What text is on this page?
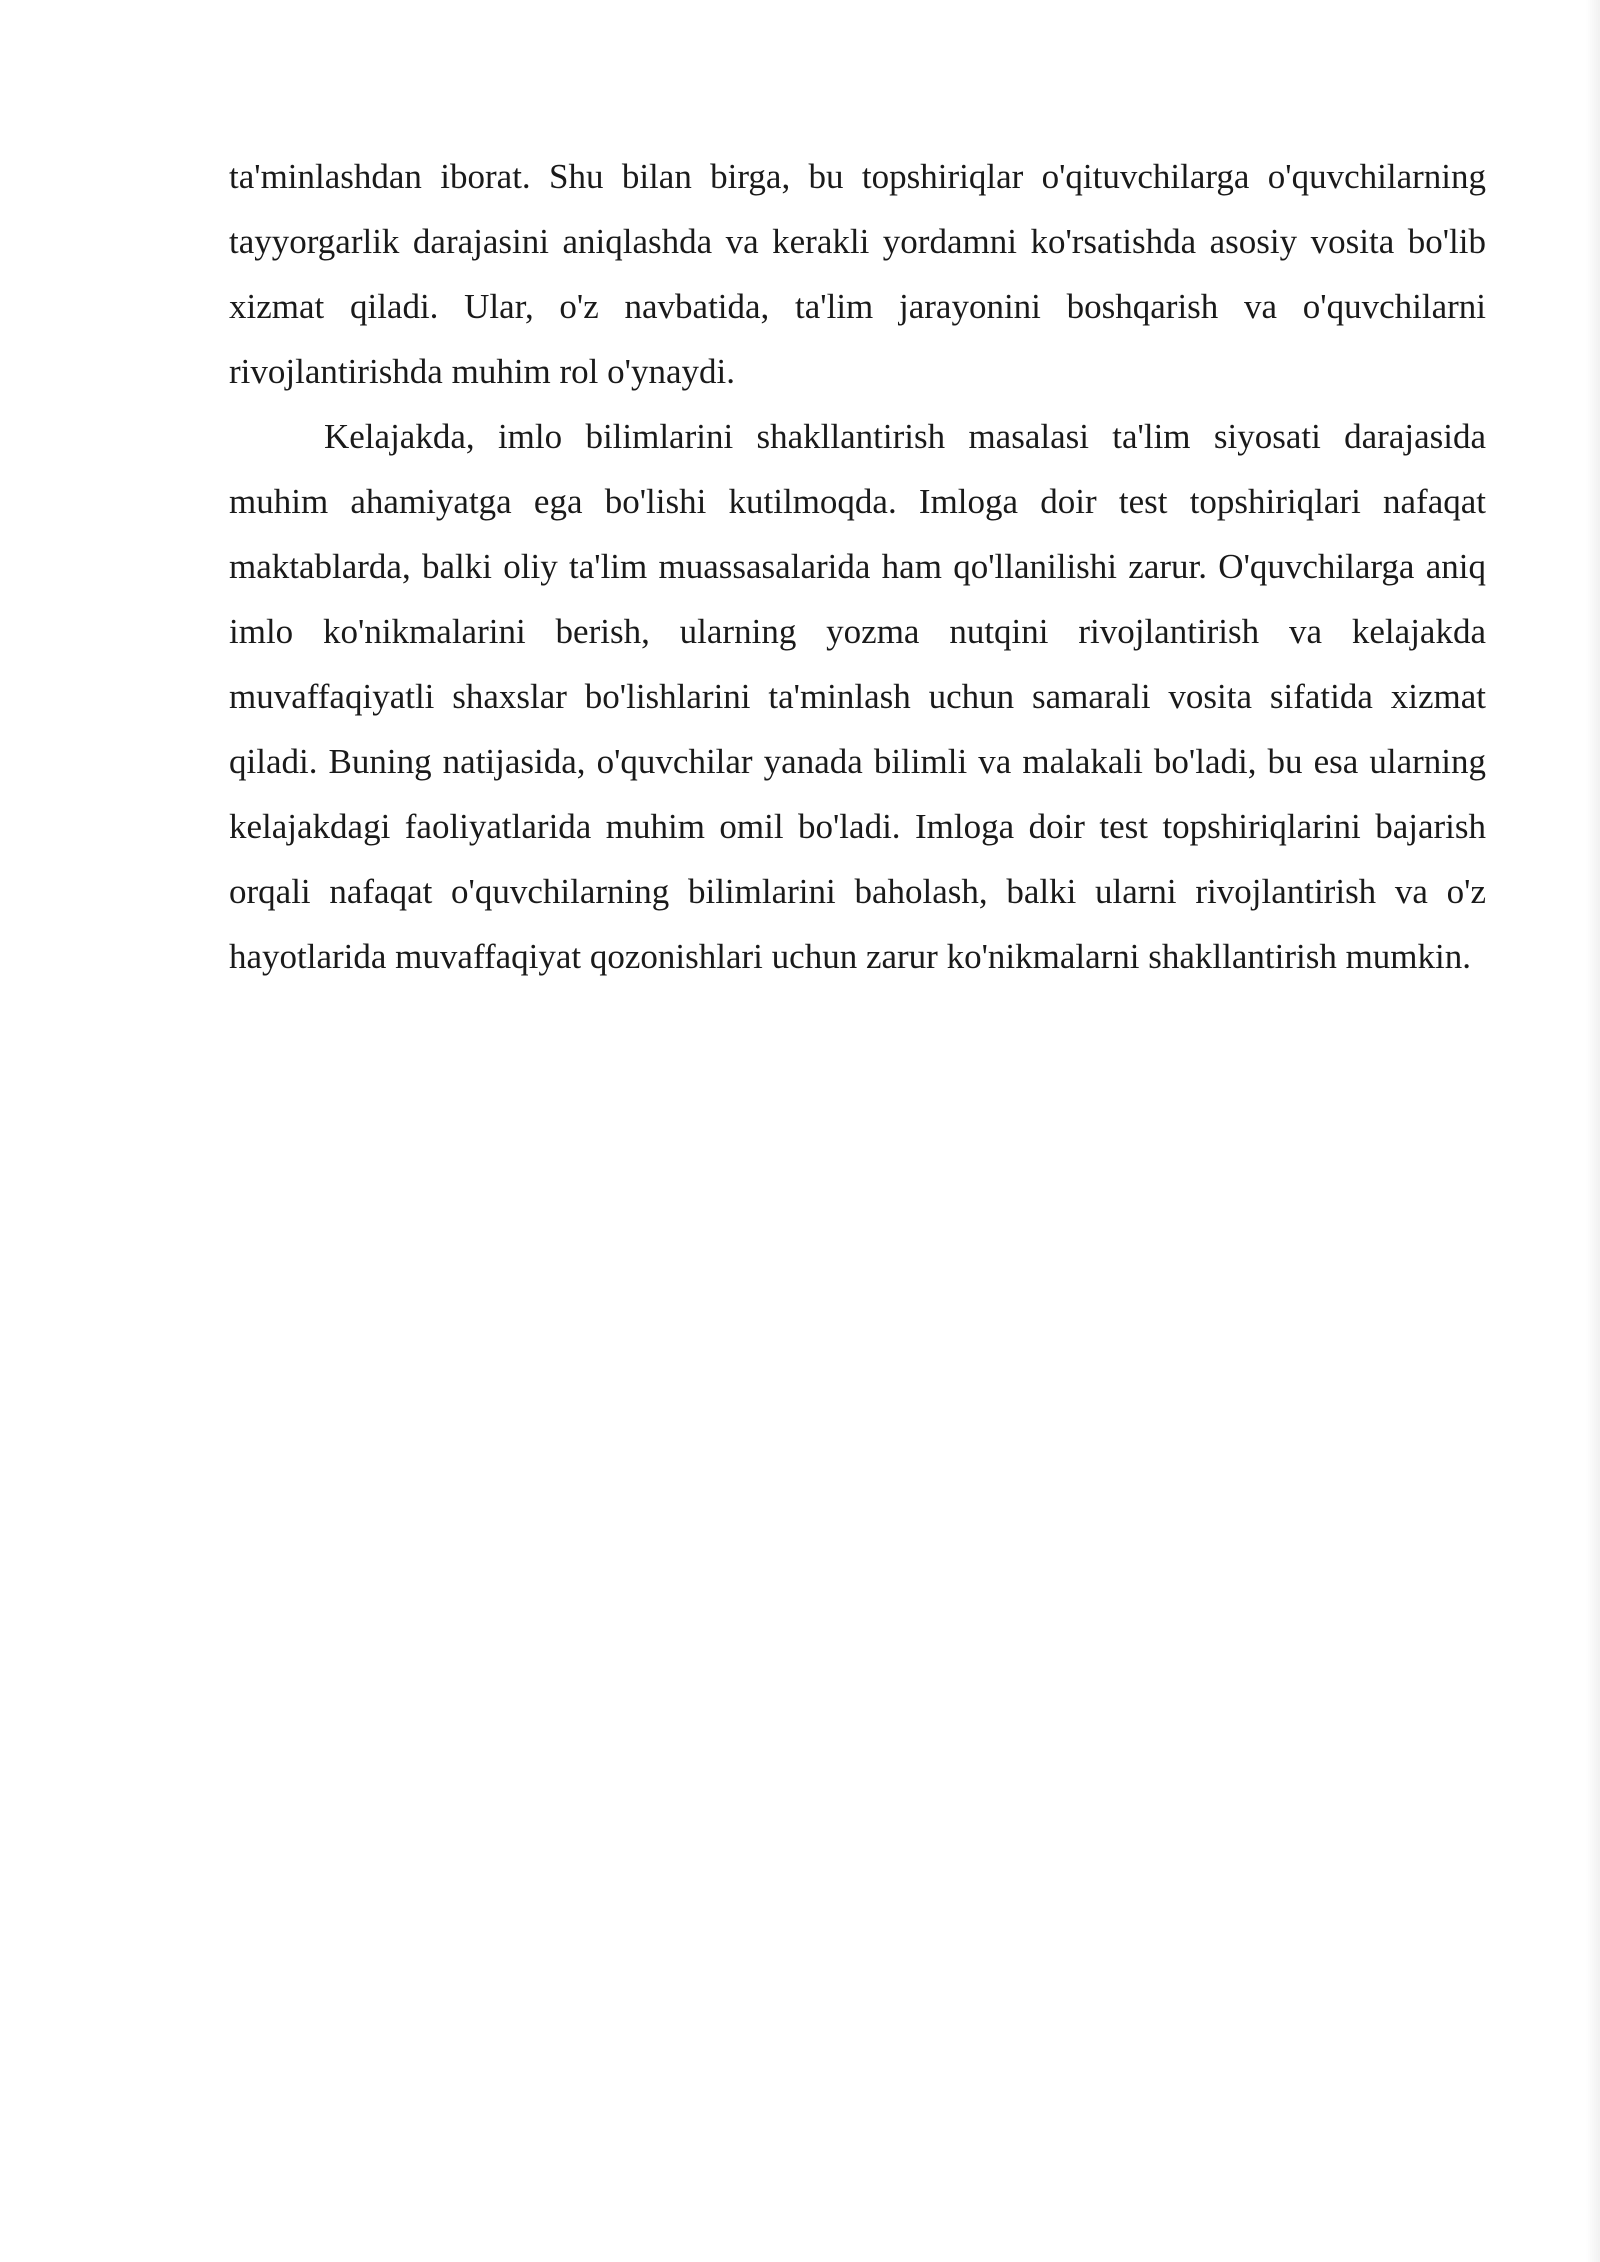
ta'minlashdan iborat. Shu bilan birga, bu topshiriqlar o'qituvchilarga o'quvchilarning tayyorgarlik darajasini aniqlashda va kerakli yordamni ko'rsatishda asosiy vosita bo'lib xizmat qiladi. Ular, o'z navbatida, ta'lim jarayonini boshqarish va o'quvchilarni rivojlantirishda muhim rol o'ynaydi.

Kelajakda, imlo bilimlarini shakllantirish masalasi ta'lim siyosati darajasida muhim ahamiyatga ega bo'lishi kutilmoqda. Imloga doir test topshiriqlari nafaqat maktablarda, balki oliy ta'lim muassasalarida ham qo'llanilishi zarur. O'quvchilarga aniq imlo ko'nikmalarini berish, ularning yozma nutqini rivojlantirish va kelajakda muvaffaqiyatli shaxslar bo'lishlarini ta'minlash uchun samarali vosita sifatida xizmat qiladi. Buning natijasida, o'quvchilar yanada bilimli va malakali bo'ladi, bu esa ularning kelajakdagi faoliyatlarida muhim omil bo'ladi. Imloga doir test topshiriqlarini bajarish orqali nafaqat o'quvchilarning bilimlarini baholash, balki ularni rivojlantirish va o'z hayotlarida muvaffaqiyat qozonishlari uchun zarur ko'nikmalarni shakllantirish mumkin.
